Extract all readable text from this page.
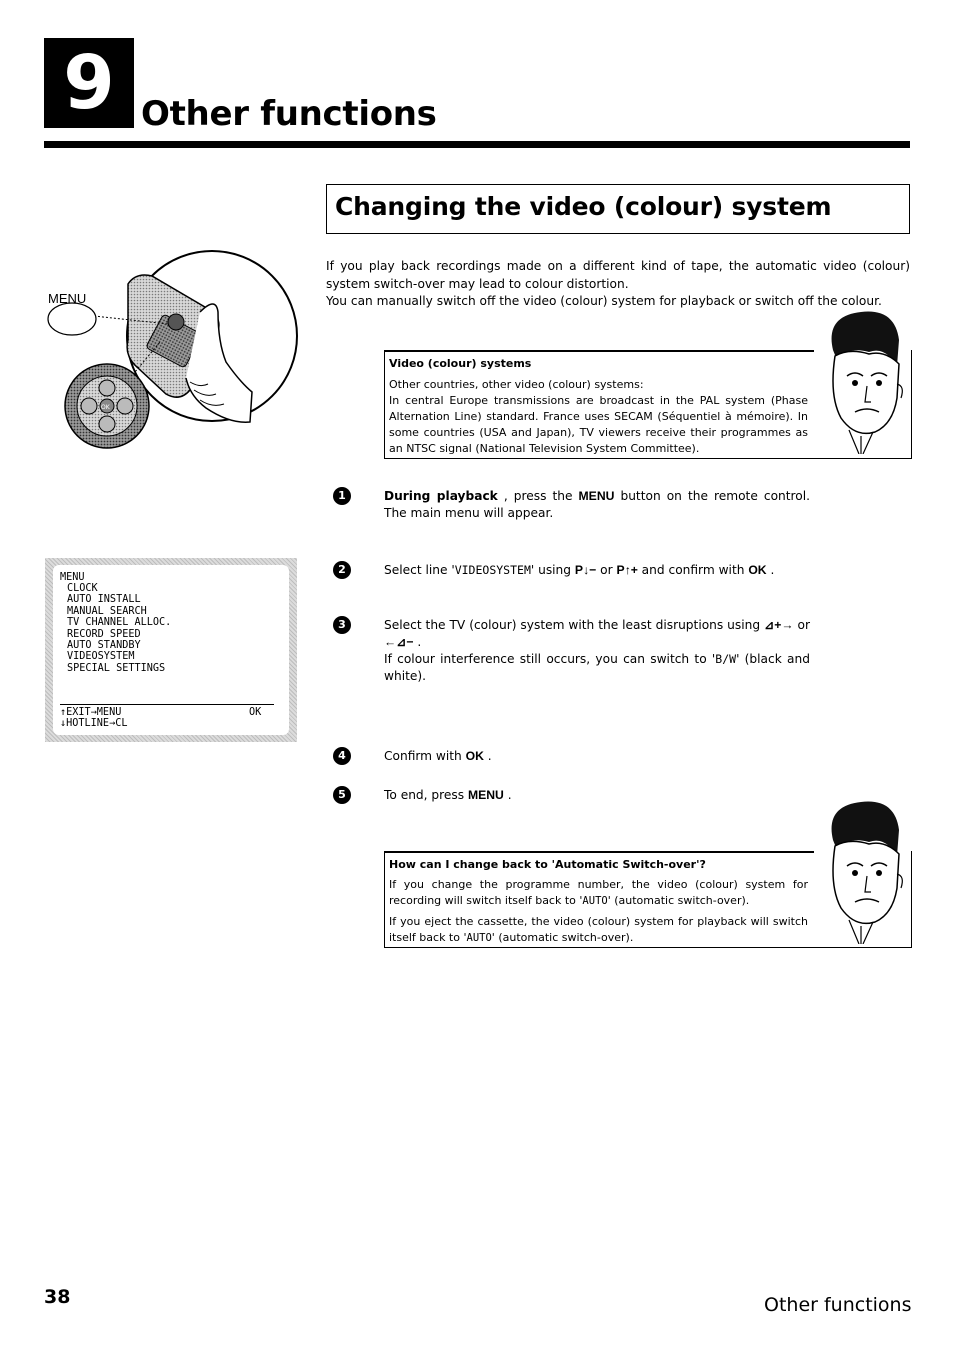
9 Other functions
Changing the video (colour) system

If you play back recordings made on a different kind of tape, the automatic video (colour) system switch-over may lead to colour distortion.

You can manually switch off the video (colour) system for playback or switch off the colour.

MENU
OK
Video (colour) systems

Other countries, other video (colour) systems:

In central Europe transmissions are broadcast in the PAL system (Phase Alternation Line) standard. France uses SECAM (Séquentiel à mémoire). In some countries (USA and Japan), TV viewers receive their programmes as an NTSC signal (National Television System Committee).

1	During playback , press the MENU button on the remote control. The main menu will appear.

2	Select line 'VIDEOSYSTEM' using P↓− or P↑+ and confirm with OK .

3	Select the TV (colour) system with the least disruptions using ⊿+→ or ←⊿− .

If colour interference still occurs, you can switch to 'B/W' (black and white).

4	Confirm with OK .

5	To end, press MENU .

MENU
CLOCK
AUTO INSTALL
MANUAL SEARCH
TV CHANNEL ALLOC.
RECORD SPEED
AUTO STANDBY
VIDEOSYSTEM
SPECIAL SETTINGS
↑EXIT→MENU	OK
↓HOTLINE→CL
How can I change back to 'Automatic Switch-over'?

If you change the programme number, the video (colour) system for recording will switch itself back to 'AUTO' (automatic switch-over).

If you eject the cassette, the video (colour) system for playback will switch itself back to 'AUTO' (automatic switch-over).

38	Other functions
